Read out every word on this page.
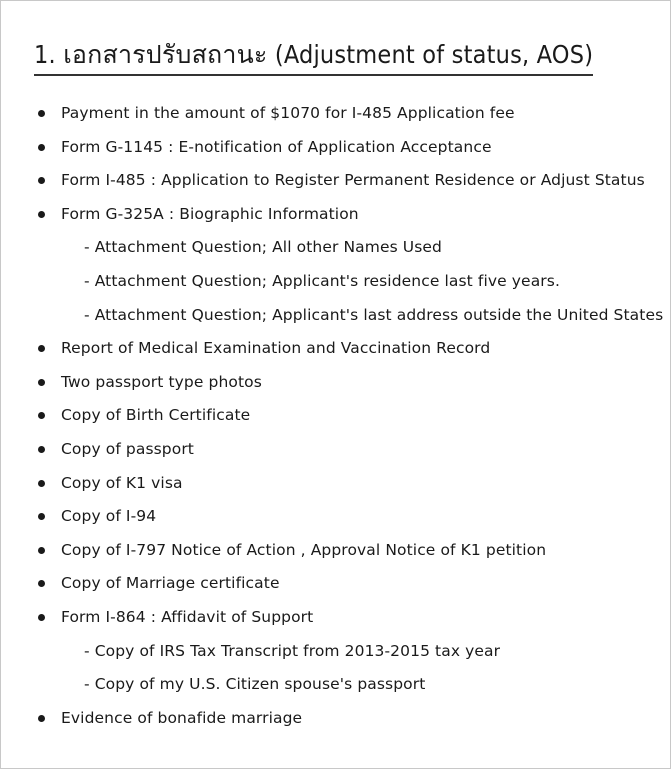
1. เอกสารปรับสถานะ (Adjustment of status, AOS)
Payment in the amount of $1070 for I-485 Application fee
Form G-1145 : E-notification of Application Acceptance
Form I-485 : Application to Register Permanent Residence or Adjust Status
Form G-325A : Biographic Information
- Attachment Question; All other Names Used
- Attachment Question; Applicant's residence last five years.
- Attachment Question; Applicant's last address outside the United States
Report of Medical Examination and Vaccination Record
Two passport type photos
Copy of Birth Certificate
Copy of passport
Copy of K1 visa
Copy of I-94
Copy of I-797 Notice of Action , Approval Notice of K1 petition
Copy of Marriage certificate
Form I-864 : Affidavit of Support
- Copy of IRS Tax Transcript from 2013-2015 tax year
- Copy of my U.S. Citizen spouse's passport
Evidence of bonafide marriage
